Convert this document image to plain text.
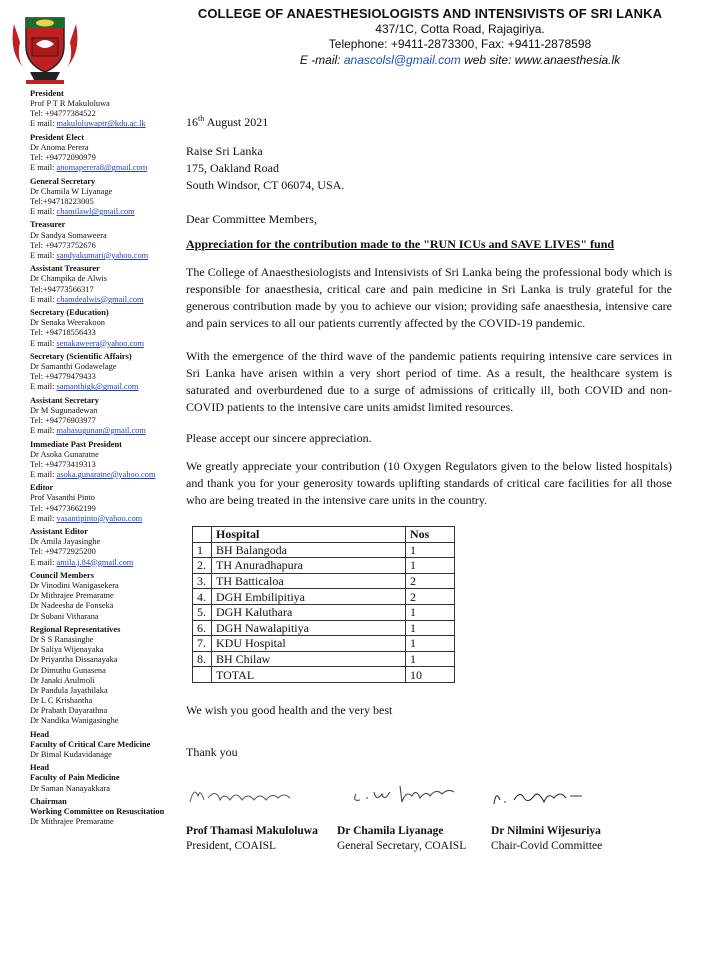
COLLEGE OF ANAESTHESIOLOGISTS AND INTENSIVISTS OF SRI LANKA
437/1C, Cotta Road, Rajagiriya.
Telephone: +9411-2873300, Fax: +9411-2878598
E -mail: anascolsl@gmail.com web site: www.anaesthesia.lk
President
Prof P T R Makuloluwa
Tel: +94777384522
E mail: makuloluwaptr@kdu.ac.lk
President Elect
Dr Anoma Perera
Tel: +94772090979
E mail: anomaperera8@gmail.com
General Secretary
Dr Chamila W Liyanage
Tel:+94718223005
E mail: chamilawl@gmail.com
Treasurer
Dr Sandya Somaweera
Tel: +94773752676
E mail: sandyakumari@yahoo.com
Assistant Treasurer
Dr Champika de Alwis
Tel:+94773566317
E mail: chamdealwis@gmail.com
Secretary (Education)
Dr Senaka Weerakoon
Tel: +94718556433
E mail: senakaweera@yahoo.com
Secretary (Scientific Affairs)
Dr Samanthi Godawelage
Tel: +94779479433
E mail: samanthigk@gmail.com
Assistant Secretary
Dr M Sugunadewan
Tel: +94776903977
E mail: mahasugunan@gmail.com
Immediate Past President
Dr Asoka Gunaratne
Tel: +94773419313
E mail: asoka.gunaratne@yahoo.com
Editor
Prof Vasanthi Pinto
Tel: +94773662199
E mail: vasantipinto@yahoo.com
Assistant Editor
Dr Amila Jayasinghe
Tel: +94772925200
E mail: amila.j.84@gmail.com
Council Members
Dr Vinodini Wanigasekera
Dr Mithrajee Premaratne
Dr Nadeesha de Fonseka
Dr Subani Vitharana
Regional Representatives
Dr S S Ranasinghe
Dr Saliya Wijenayaka
Dr Priyantha Dissanayaka
Dr Dimuthu Gunasena
Dr Janaki Arulmoli
Dr Pandula Jayathilaka
Dr L C Krishantha
Dr Prabath Dayarathna
Dr Nandika Wanigasinghe
Head
Faculty of Critical Care Medicine
Dr Bimal Kudavidanage
Head
Faculty of Pain Medicine
Dr Saman Nanayakkara
Chairman
Working Committee on Resuscitation
Dr Mithrajee Premaratne
16th August 2021
Raise Sri Lanka
175, Oakland Road
South Windsor, CT 06074, USA.
Dear Committee Members,
Appreciation for the contribution made to the "RUN ICUs and SAVE LIVES" fund

The College of Anaesthesiologists and Intensivists of Sri Lanka being the professional body which is responsible for anaesthesia, critical care and pain medicine in Sri Lanka is truly grateful for the generous contribution made by you to achieve our vision; providing safe anaesthesia, intensive care and pain services to all our patients currently affected by the COVID-19 pandemic.

With the emergence of the third wave of the pandemic patients requiring intensive care services in Sri Lanka have arisen within a very short period of time. As a result, the healthcare system is saturated and overburdened due to a surge of admissions of critically ill, both COVID and non-COVID patients to the intensive care units amidst limited resources.

Please accept our sincere appreciation.

We greatly appreciate your contribution (10 Oxygen Regulators given to the below listed hospitals) and thank you for your generosity towards uplifting standards of critical care facilities for all those who are being treated in the intensive care units in the country.

We wish you good health and the very best
Thank you
	Hospital	Nos
1	BH Balangoda	1
2.	TH Anuradhapura	1
3.	TH Batticaloa	2
4.	DGH Embilipitiya	2
5.	DGH Kaluthara	1
6.	DGH Nawalapitiya	1
7.	KDU Hospital	1
8.	BH Chilaw	1
	TOTAL	10
Prof Thamasi Makuloluwa
President, COAISL
Dr Chamila Liyanage
General Secretary, COAISL
Dr Nilmini Wijesuriya
Chair-Covid Committee
